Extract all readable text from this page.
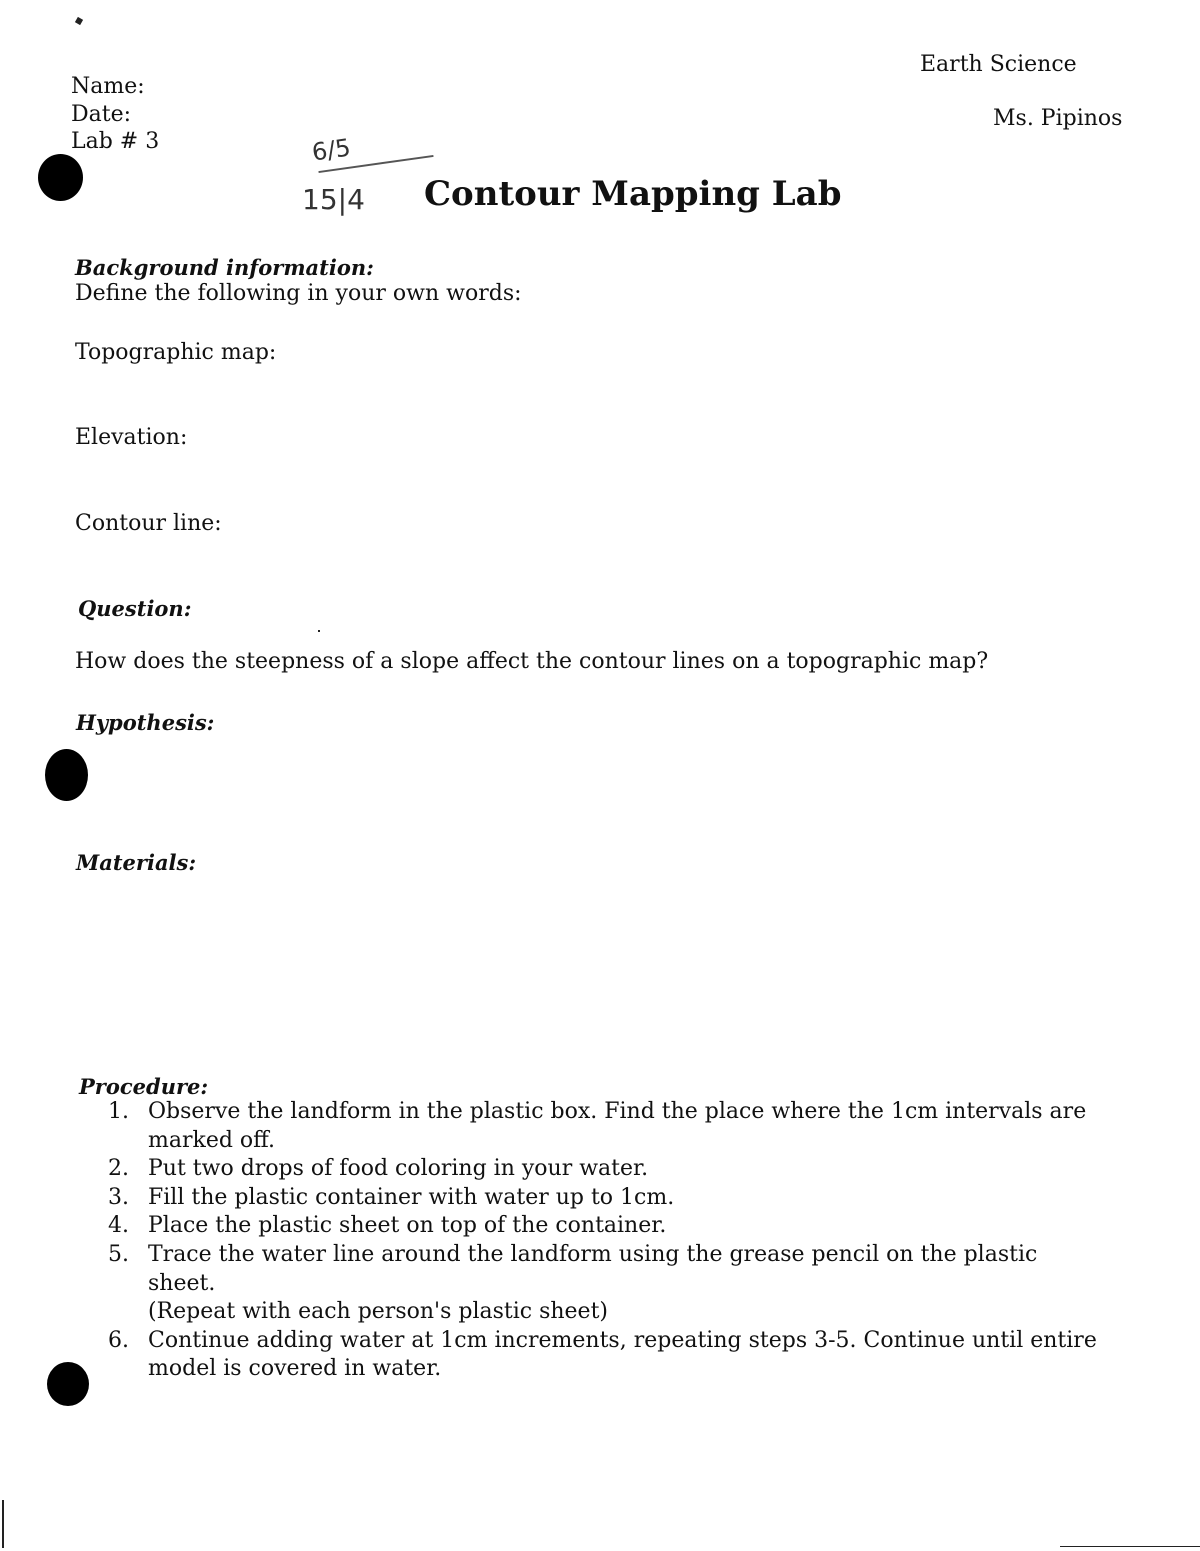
Name:
Date:
Lab # 3
Earth Science
Ms. Pipinos
6/5
15|4 Contour Mapping Lab
Background information:
Define the following in your own words:
Topographic map:
Elevation:
Contour line:
Question:
How does the steepness of a slope affect the contour lines on a topographic map?
Hypothesis:
Materials:
Procedure:
1. Observe the landform in the plastic box. Find the place where the 1cm intervals are
marked off.
2. Put two drops of food coloring in your water.
3. Fill the plastic container with water up to 1cm.
4. Place the plastic sheet on top of the container.
5. Trace the water line around the landform using the grease pencil on the plastic sheet.
(Repeat with each person's plastic sheet)
6. Continue adding water at 1cm increments, repeating steps 3-5. Continue until entire
model is covered in water.
